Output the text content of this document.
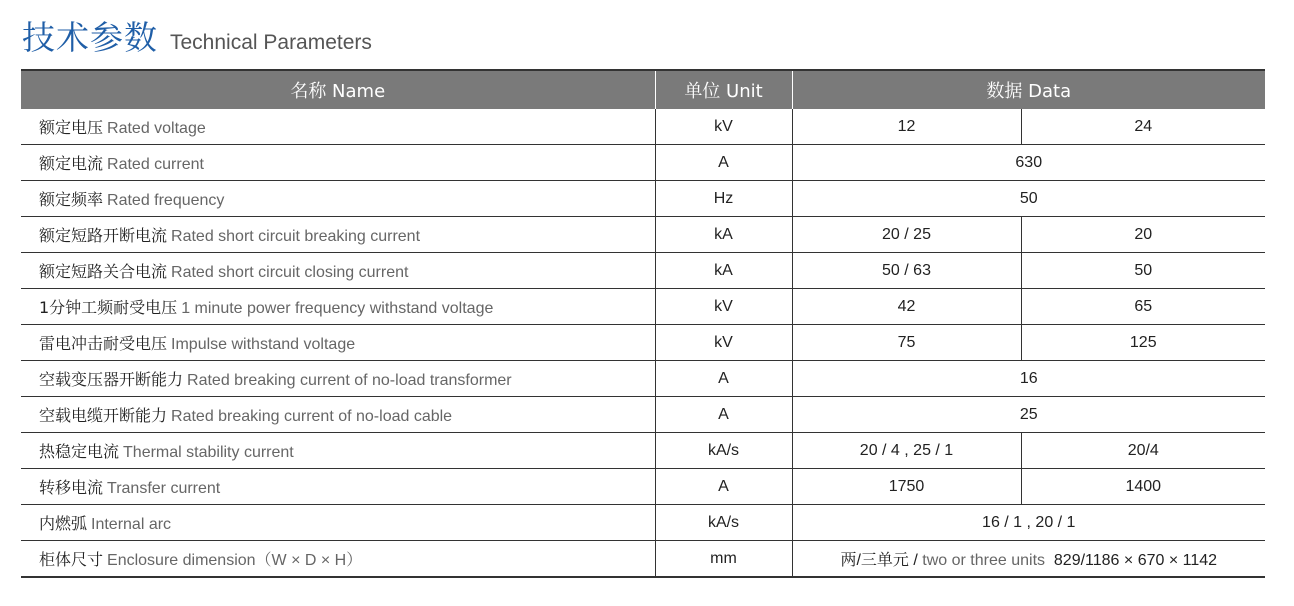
技术参数 Technical Parameters
名称 Name	单位 Unit	数据 Data	
额定电压 Rated voltage	kV	12	24
额定电流 Rated current	A	630	
额定频率 Rated frequency	Hz	50	
额定短路开断电流 Rated short circuit breaking current	kA	20 / 25	20
额定短路关合电流 Rated short circuit closing current	kA	50 / 63	50
1分钟工频耐受电压 1 minute power frequency withstand voltage	kV	42	65
雷电冲击耐受电压 Impulse withstand voltage	kV	75	125
空载变压器开断能力 Rated breaking current of no-load transformer	A	16	
空载电缆开断能力 Rated breaking current of no-load cable	A	25	
热稳定电流 Thermal stability current	kA/s	20 / 4 , 25 / 1	20/4
转移电流 Transfer current	A	1750	1400
内燃弧 Internal arc	kA/s	16 / 1 , 20 / 1	
柜体尺寸 Enclosure dimension（W × D × H）	mm	两/三单元 / two or three units 829/1186 × 670 × 1142	
